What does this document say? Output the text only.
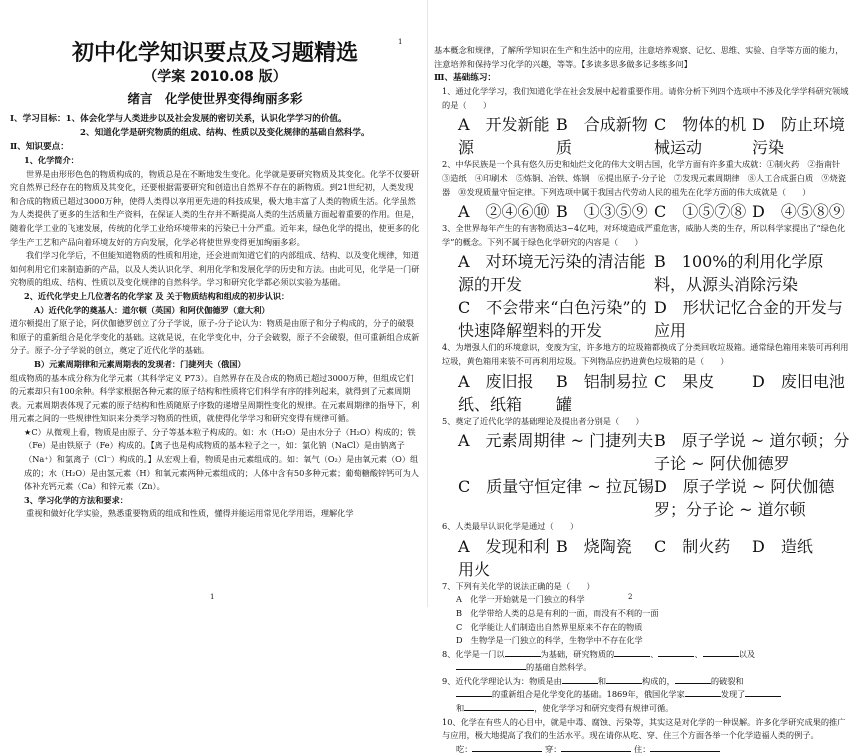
初中化学知识要点及习题精选
（学案 2010.08 版）
绪言　化学使世界变得绚丽多彩

Ⅰ、学习目标：1、体会化学与人类进步以及社会发展的密切关系，认识化学学习的价值。

2、知道化学是研究物质的组成、结构、性质以及变化规律的基础自然科学。

Ⅱ、知识要点：

1、化学简介：

世界是由形形色色的物质构成的，物质总是在不断地发生变化。化学就是要研究物质及其变化。化学不仅要研究自然界已经存在的物质及其变化，还要根据需要研究和创造出自然界不存在的新物质。到21世纪初，人类发现和合成的物质已超过3000万种，使得人类得以享用更先进的科技成果，极大地丰富了人类的物质生活。化学虽然为人类提供了更多的生活和生产资料，在保证人类的生存并不断提高人类的生活质量方面起着重要的作用。但是，随着化学工业的飞速发展，传统的化学工业给环境带来的污染已十分严重。近年来，绿色化学的提出，使更多的化学生产工艺和产品向着环境友好的方向发展，化学必将使世界变得更加绚丽多彩。

我们学习化学后，不但能知道物质的性质和用途，还会进而知道它们的内部组成、结构、以及变化规律，知道如何利用它们来制造新的产品，以及人类认识化学、利用化学和发展化学的历史和方法。由此可见，化学是一门研究物质的组成、结构、性质以及变化规律的自然科学。学习和研究化学都必须以实验为基础。

2、近代化学史上几位著名的化学家 及 关于物质结构和组成的初步认识：

A）近代化学的奠基人：道尔顿（英国）和阿伏伽德罗（意大利）

道尔顿提出了原子论，阿伏伽德罗创立了分子学说，原子-分子论认为：物质是由原子和分子构成的，分子的破裂和原子的重新组合是化学变化的基础。这就是说，在化学变化中，分子会破裂，原子不会破裂，但可重新组合成新分子。原子-分子学说的创立，奠定了近代化学的基础。

B）元素周期律和元素周期表的发现者：门捷列夫（俄国）

组成物质的基本成分称为化学元素（其科学定义 P73）。自然界存在及合成的物质已超过3000万种，但组成它们的元素却只有100余种。科学家根据各种元素的原子结构和性质将它们科学有序的排列起来，就得到了元素周期表。元素周期表体现了元素的原子结构和性质随原子序数的递增呈周期性变化的规律。在元素周期律的指导下，利用元素之间的一些规律性知识来分类学习物质的性质，就使得化学学习和研究变得有规律可循。

★C）从微观上看，物质是由原子、分子等基本粒子构成的。如：水（H₂O）是由水分子（H₂O）构成的；铁（Fe）是由铁原子（Fe）构成的。【离子也是构成物质的基本粒子之一，如：氯化钠（NaCl）是由钠离子（Na⁺）和氯离子（Cl⁻）构成的。】从宏观上看，物质是由元素组成的。如：氧气（O₂）是由氧元素（O）组成的；水（H₂O）是由氢元素（H）和氧元素两种元素组成的；人体中含有50多种元素；葡萄糖酸锌钙可为人体补充钙元素（Ca）和锌元素（Zn）。

3、学习化学的方法和要求：

重视和做好化学实验，熟悉重要物质的组成和性质，懂得并能运用常见化学用语，理解化学

1
1

基本概念和规律，了解所学知识在生产和生活中的应用，注意培养观察、记忆、思维、实验、自学等方面的能力，注意培养和保持学习化学的兴趣，等等。【多读多思多做多记多练多问】

Ⅲ、基础练习：

1、通过化学学习，我们知道化学在社会发展中起着重要作用。请你分析下列四个选项中不涉及化学学科研究领域的是（　　）

A　开发新能源
B　合成新物质
C　物体的机械运动
D　防止环境污染

2、中华民族是一个具有悠久历史和灿烂文化的伟大文明古国，化学方面有许多重大成就：①制火药　②指南针　③造纸　④印刷术　⑤炼铜、冶铁、炼钢　⑥提出原子-分子论　⑦发现元素周期律　⑧人工合成蛋白质　⑨烧瓷器　⑩发现质量守恒定律。下列选项中属于我国古代劳动人民的祖先在化学方面的伟大成就是（　　）

A　②④⑥⑩ B　①③⑤⑨ C　①⑤⑦⑧ D　④⑤⑧⑨

3、全世界每年产生的有害物质达3~4亿吨，对环境造成严重危害，威胁人类的生存，所以科学家提出了“绿色化学”的概念。下列不属于绿色化学研究的内容是（　　）

A　对环境无污染的清洁能源的开发
B　100%的利用化学原料，从源头消除污染
C　不会带来“白色污染”的快速降解塑料的开发
D　形状记忆合金的开发与应用

4、为增强人们的环境意识，变废为宝，许多地方的垃圾箱都换成了分类回收垃圾箱。通常绿色箱用来装可再利用垃圾，黄色箱用来装不可再利用垃圾。下列物品应扔进黄色垃圾箱的是（　　）

A　废旧报纸、纸箱
B　铝制易拉罐
C　果皮	D　废旧电池

5、奠定了近代化学的基础理论及提出者分别是（　　）

A　元素周期律 ~ 门捷列夫 B　原子学说 ~ 道尔顿；分子论 ~ 阿伏伽德罗
C　质量守恒定律 ~ 拉瓦锡 D　原子学说 ~ 阿伏伽德罗；分子论 ~ 道尔顿

6、人类最早认识化学是通过（　　）

A　发现和利用火
B　烧陶瓷	C　制火药	D　造纸

7、下列有关化学的说法正确的是（　　）

A　化学一开始就是一门独立的科学

B　化学带给人类的总是有利的一面，而没有不利的一面

C　化学能让人们制造出自然界里原来不存在的物质

D　生物学是一门独立的科学，生物学中不存在化学

8、化学是一门以	为基础，研究物质的	、	、	以及

的基础自然科学。

9、近代化学理论认为：物质是由	和	构成的，	的破裂和

的重新组合是化学变化的基础。1869年，俄国化学家	发现了

和	，使化学学习和研究变得有规律可循。

10、化学在有些人的心目中，就是中毒、腐蚀、污染等，其实这是对化学的一种误解。许多化学研究成果的推广与应用，极大地提高了我们的生活水平。现在请你从吃、穿、住三个方面各举一个化学造福人类的例子。

吃：	穿：	住：

2
